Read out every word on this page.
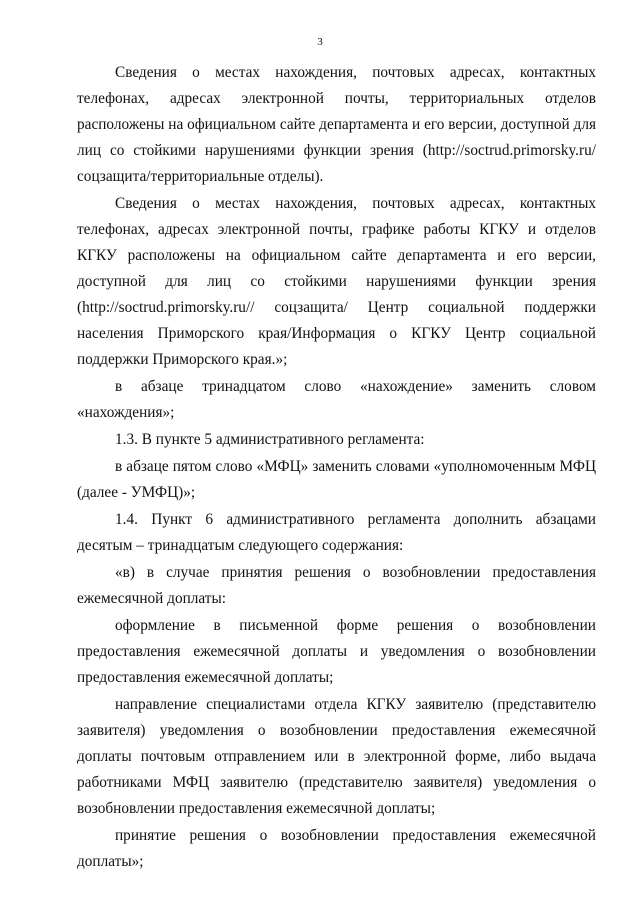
3

Сведения о местах нахождения, почтовых адресах, контактных телефонах, адресах электронной почты, территориальных отделов расположены на официальном сайте департамента и его версии, доступной для лиц со стойкими нарушениями функции зрения (http://soctrud.primorsky.ru/ соцзащита/территориальные отделы).

Сведения о местах нахождения, почтовых адресах, контактных телефонах, адресах электронной почты, графике работы КГКУ и отделов КГКУ расположены на официальном сайте департамента и его версии, доступной для лиц со стойкими нарушениями функции зрения (http://soctrud.primorsky.ru// соцзащита/ Центр социальной поддержки населения Приморского края/Информация о КГКУ Центр социальной поддержки Приморского края.»;

в абзаце тринадцатом слово «нахождение» заменить словом «нахождения»;

1.3. В пункте 5 административного регламента:

в абзаце пятом слово «МФЦ» заменить словами «уполномоченным МФЦ (далее - УМФЦ)»;

1.4. Пункт 6 административного регламента дополнить абзацами десятым – тринадцатым следующего содержания:

«в) в случае принятия решения о возобновлении предоставления ежемесячной доплаты:

оформление в письменной форме решения о возобновлении предоставления ежемесячной доплаты и уведомления о возобновлении предоставления ежемесячной доплаты;

направление специалистами отдела КГКУ заявителю (представителю заявителя) уведомления о возобновлении предоставления ежемесячной доплаты почтовым отправлением или в электронной форме, либо выдача работниками МФЦ заявителю (представителю заявителя) уведомления о возобновлении предоставления ежемесячной доплаты;

принятие решения о возобновлении предоставления ежемесячной доплаты»;
